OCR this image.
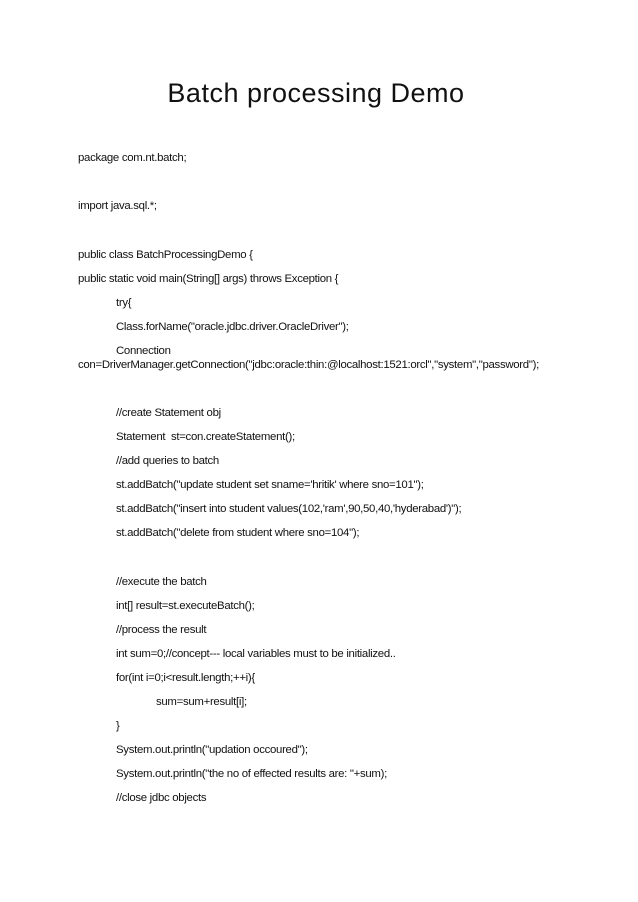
Batch processing Demo
package com.nt.batch;
import java.sql.*;
public class BatchProcessingDemo {
public static void main(String[] args) throws Exception {
try{
Class.forName("oracle.jdbc.driver.OracleDriver");
Connection
con=DriverManager.getConnection("jdbc:oracle:thin:@localhost:1521:orcl","system","password");
//create Statement obj
Statement  st=con.createStatement();
//add queries to batch
st.addBatch("update student set sname='hritik' where sno=101");
st.addBatch("insert into student values(102,'ram',90,50,40,'hyderabad')");
st.addBatch("delete from student where sno=104");
//execute the batch
int[] result=st.executeBatch();
//process the result
int sum=0;//concept--- local variables must to be initialized..
for(int i=0;i<result.length;++i){
sum=sum+result[i];
}
System.out.println("updation occoured");
System.out.println("the no of effected results are: "+sum);
//close jdbc objects
